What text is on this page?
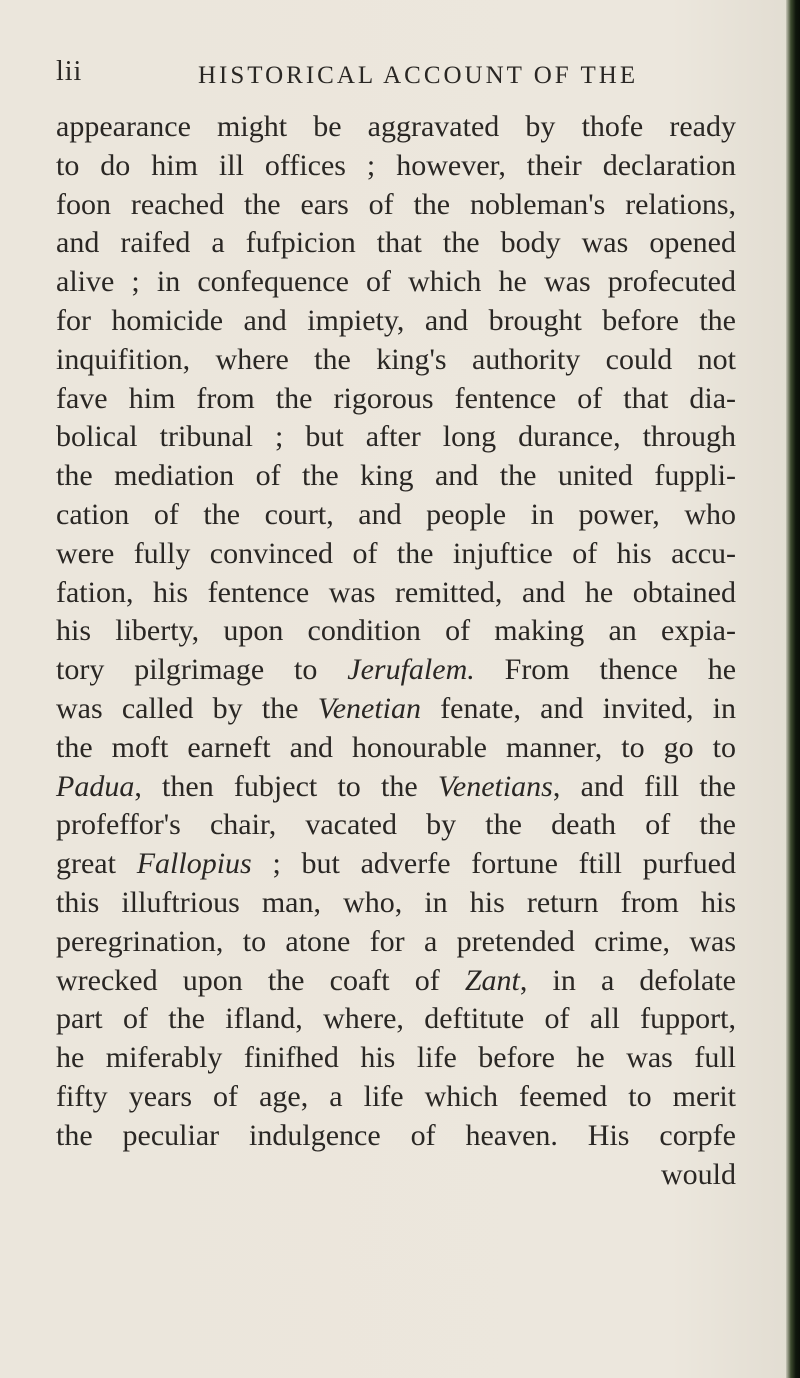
lii	HISTORICAL ACCOUNT OF THE
appearance might be aggravated by thofe ready
to do him ill offices ; however, their declaration
foon reached the ears of the nobleman's relations,
and raifed a fufpicion that the body was opened
alive ; in confequence of which he was profecuted
for homicide and impiety, and brought before the
inquifition, where the king's authority could not
fave him from the rigorous fentence of that dia-
bolical tribunal ; but after long durance, through
the mediation of the king and the united fuppli-
cation of the court, and people in power, who
were fully convinced of the injuftice of his accu-
fation, his fentence was remitted, and he obtained
his liberty, upon condition of making an expia-
tory pilgrimage to Jerufalem. From thence he
was called by the Venetian fenate, and invited, in
the moft earneft and honourable manner, to go to
Padua, then fubject to the Venetians, and fill the
profeffor's chair, vacated by the death of the
great Fallopius ; but adverfe fortune ftill purfued
this illuftrious man, who, in his return from his
peregrination, to atone for a pretended crime, was
wrecked upon the coaft of Zant, in a defolate
part of the ifland, where, deftitute of all fupport,
he miferably finifhed his life before he was full
fifty years of age, a life which feemed to merit
the peculiar indulgence of heaven. His corpfe
would
